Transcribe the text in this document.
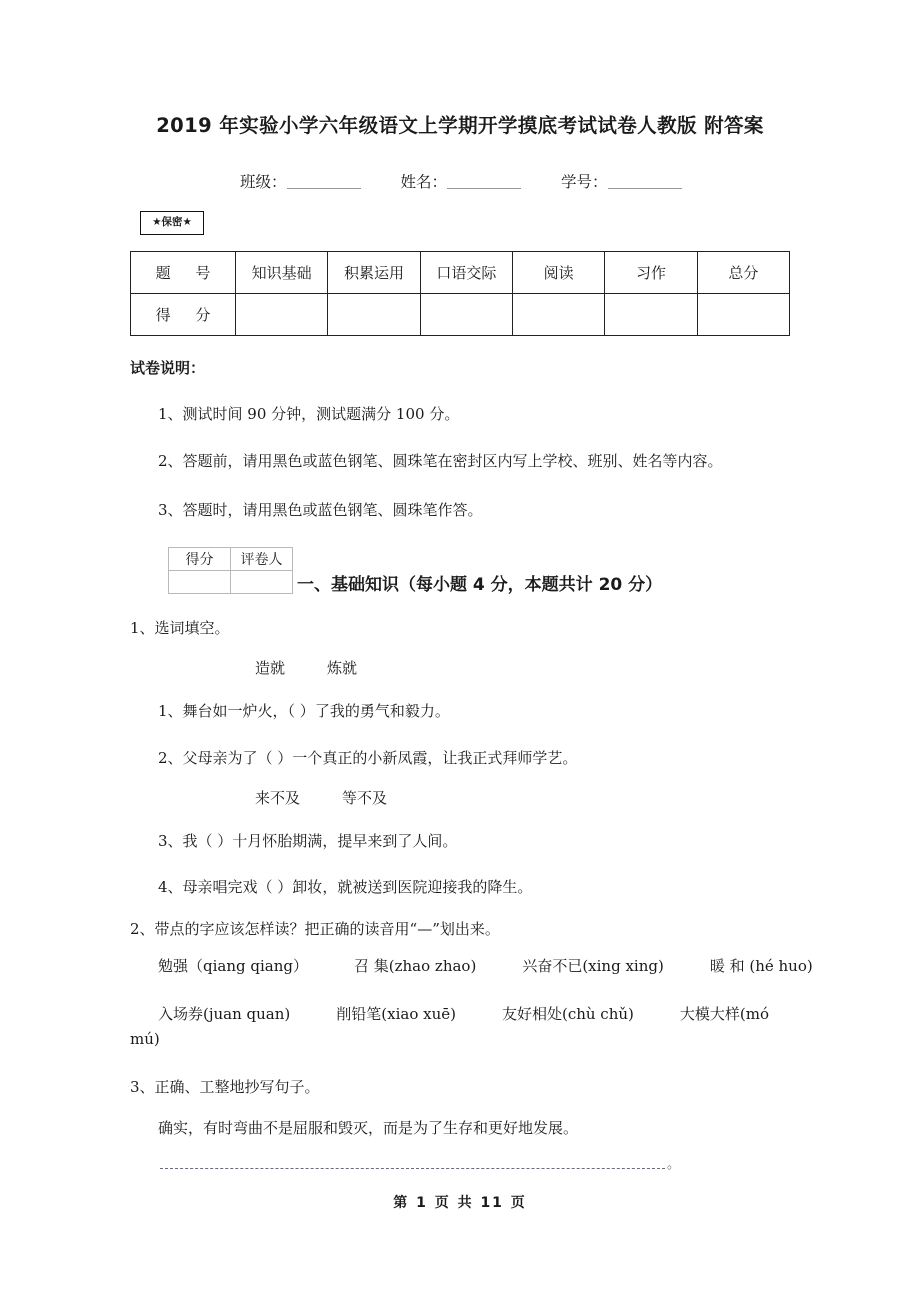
2019 年实验小学六年级语文上学期开学摸底考试试卷人教版 附答案
班级：	姓名：	学号：
★保密★
题 号	知识基础	积累运用	口语交际	阅读	习作	总分
得 分						
试卷说明：
1、测试时间 90 分钟，测试题满分 100 分。
2、答题前，请用黑色或蓝色钢笔、圆珠笔在密封区内写上学校、班别、姓名等内容。
3、答题时，请用黑色或蓝色钢笔、圆珠笔作答。
得分	评卷人

一、基础知识（每小题 4 分，本题共计 20 分）
1、选词填空。
造就	炼就
1、舞台如一炉火，（ ）了我的勇气和毅力。
2、父母亲为了（ ）一个真正的小新凤霞，让我正式拜师学艺。
来不及	等不及
3、我（ ）十月怀胎期满，提早来到了人间。
4、母亲唱完戏（ ）卸妆，就被送到医院迎接我的降生。
2、带点的字应该怎样读？把正确的读音用“—”划出来。
勉强（qiang qiang）	召 集(zhao zhao)	兴奋不已(xing xing)	暖 和 (hé huo)
入场券(juan quan)	削铅笔(xiao xuē)	友好相处(chù chǔ)	大模大样(mó
mú)
3、正确、工整地抄写句子。
确实，有时弯曲不是屈服和毁灭，而是为了生存和更好地发展。
。
第 1 页 共 11 页
